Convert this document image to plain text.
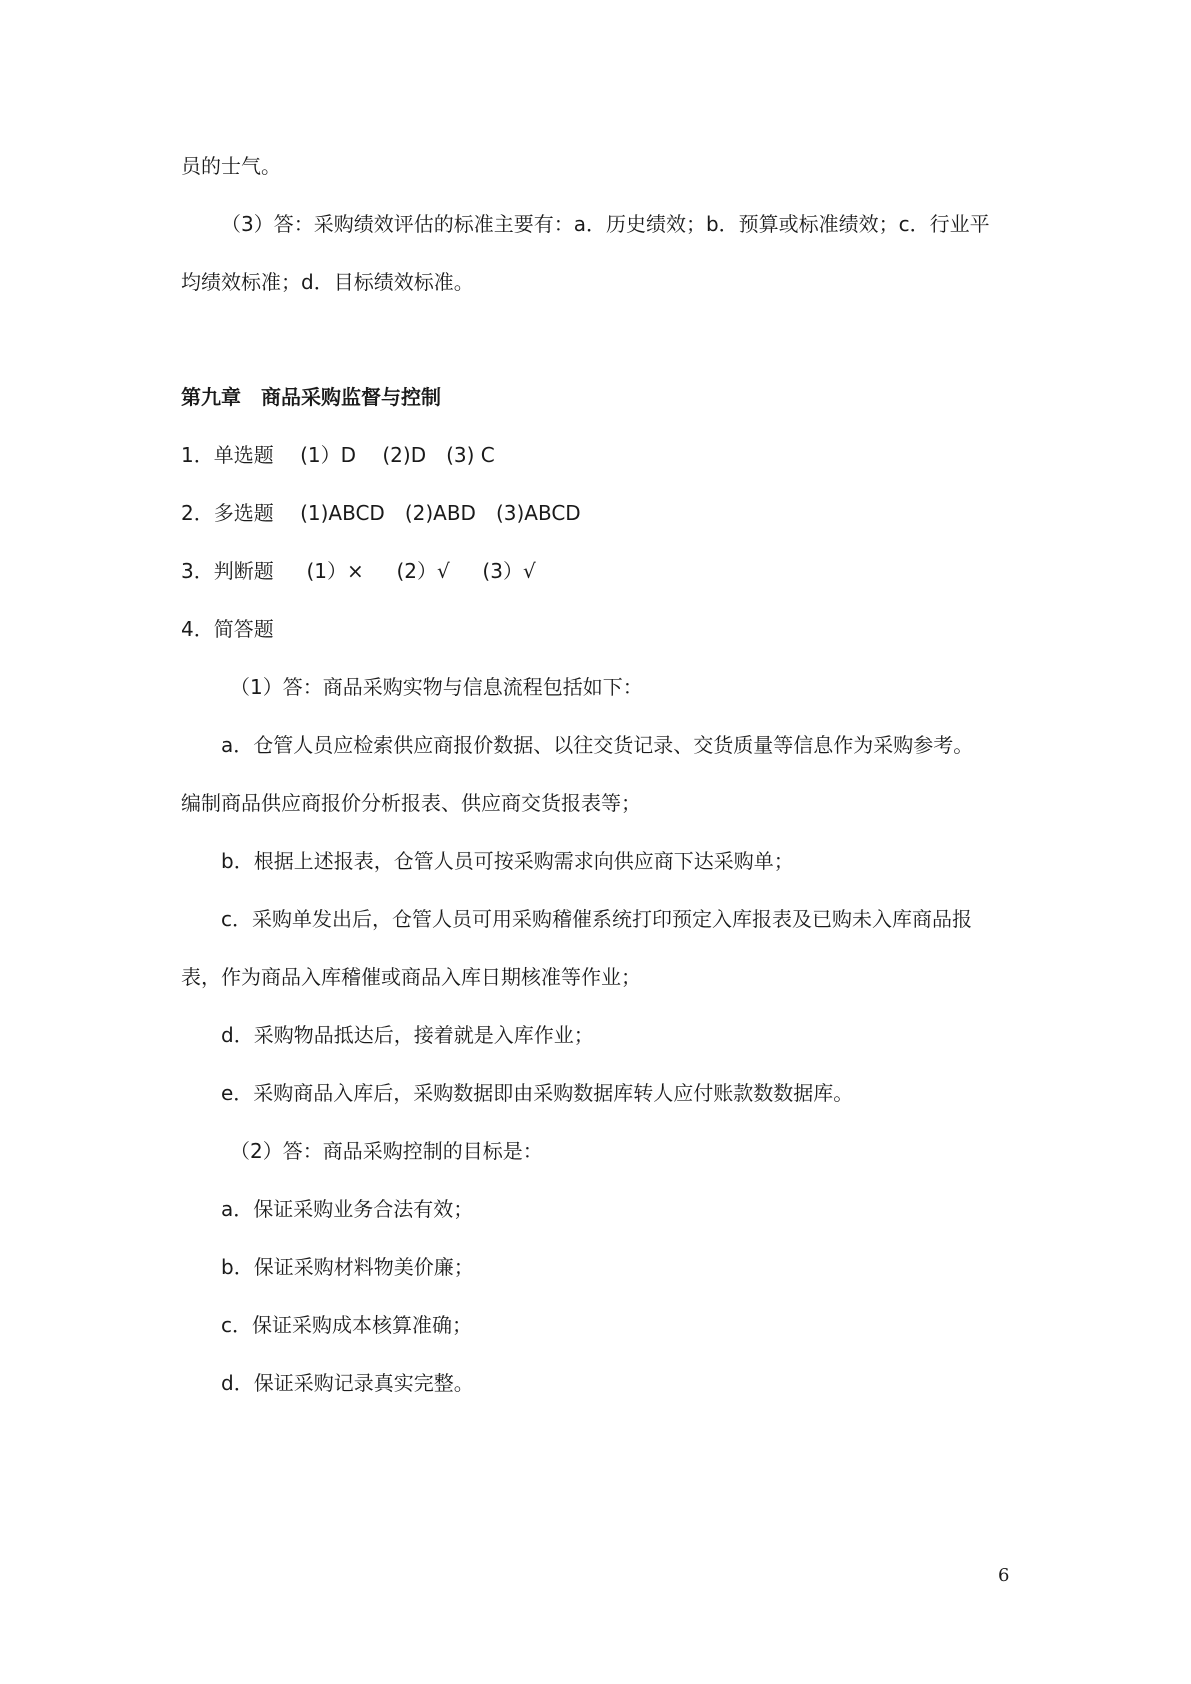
员的士气。
（3）答：采购绩效评估的标准主要有：a．历史绩效；b．预算或标准绩效；c．行业平
均绩效标准；d．目标绩效标准。
第九章　商品采购监督与控制
1．单选题　 (1）D　 (2)D　(3) C
2．多选题　 (1)ABCD　(2)ABD　(3)ABCD
3．判断题　  (1）×　  (2）√　  (3）√
4．简答题
（1）答：商品采购实物与信息流程包括如下：
a．仓管人员应检索供应商报价数据、以往交货记录、交货质量等信息作为采购参考。
编制商品供应商报价分析报表、供应商交货报表等；
b．根据上述报表，仓管人员可按采购需求向供应商下达采购单；
c．采购单发出后，仓管人员可用采购稽催系统打印预定入库报表及已购未入库商品报
表，作为商品入库稽催或商品入库日期核准等作业；
d．采购物品抵达后，接着就是入库作业；
e．采购商品入库后，采购数据即由采购数据库转人应付账款数数据库。
（2）答：商品采购控制的目标是：
a．保证采购业务合法有效；
b．保证采购材料物美价廉；
c．保证采购成本核算准确；
d．保证采购记录真实完整。
6
